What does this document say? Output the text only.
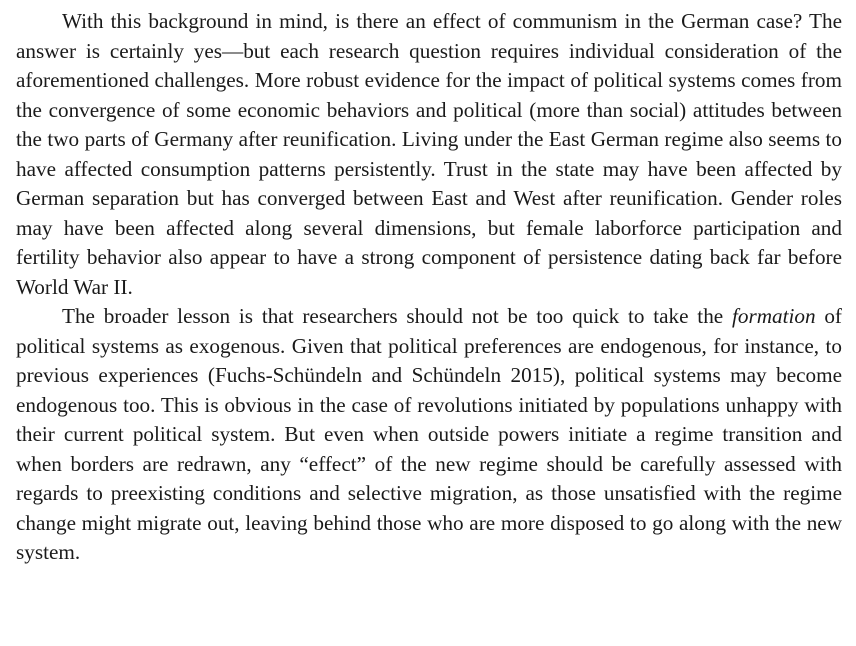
With this background in mind, is there an effect of communism in the German case? The answer is certainly yes—but each research question requires individual consideration of the aforementioned challenges. More robust evidence for the impact of political systems comes from the convergence of some economic behaviors and political (more than social) attitudes between the two parts of Germany after reunification. Living under the East German regime also seems to have affected consumption patterns persistently. Trust in the state may have been affected by German separation but has converged between East and West after reunification. Gender roles may have been affected along several dimensions, but female laborforce participation and fertility behavior also appear to have a strong component of persistence dating back far before World War II.

The broader lesson is that researchers should not be too quick to take the formation of political systems as exogenous. Given that political preferences are endogenous, for instance, to previous experiences (Fuchs-Schündeln and Schündeln 2015), political systems may become endogenous too. This is obvious in the case of revolutions initiated by populations unhappy with their current political system. But even when outside powers initiate a regime transition and when borders are redrawn, any “effect” of the new regime should be carefully assessed with regards to preexisting conditions and selective migration, as those unsatisfied with the regime change might migrate out, leaving behind those who are more disposed to go along with the new system.
